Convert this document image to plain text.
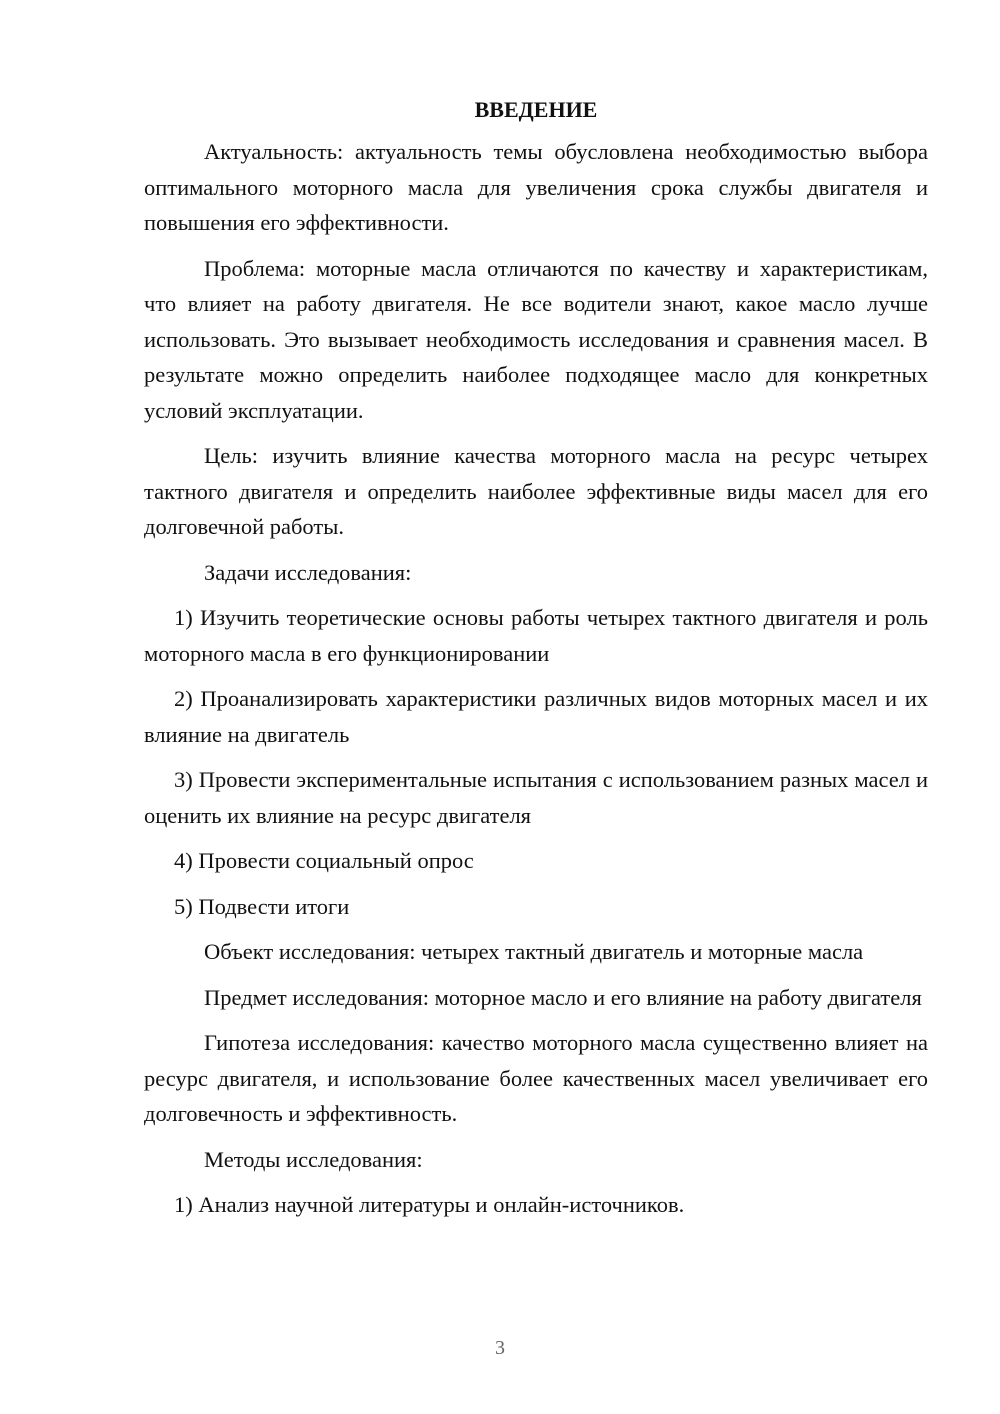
ВВЕДЕНИЕ

Актуальность: актуальность темы обусловлена необходимостью выбора оптимального моторного масла для увеличения срока службы двигателя и повышения его эффективности.

Проблема: моторные масла отличаются по качеству и характеристикам, что влияет на работу двигателя. Не все водители знают, какое масло лучше использовать. Это вызывает необходимость исследования и сравнения масел. В результате можно определить наиболее подходящее масло для конкретных условий эксплуатации.

Цель: изучить влияние качества моторного масла на ресурс четырех тактного двигателя и определить наиболее эффективные виды масел для его долговечной работы.

Задачи исследования:

1) Изучить теоретические основы работы четырех тактного двигателя и роль моторного масла в его функционировании

2) Проанализировать характеристики различных видов моторных масел и их влияние на двигатель

3) Провести экспериментальные испытания с использованием разных масел и оценить их влияние на ресурс двигателя

4) Провести социальный опрос

5) Подвести итоги

Объект исследования: четырех тактный двигатель и моторные масла

Предмет исследования: моторное масло и его влияние на работу двигателя

Гипотеза исследования: качество моторного масла существенно влияет на ресурс двигателя, и использование более качественных масел увеличивает его долговечность и эффективность.

Методы исследования:

1) Анализ научной литературы и онлайн-источников.

3
